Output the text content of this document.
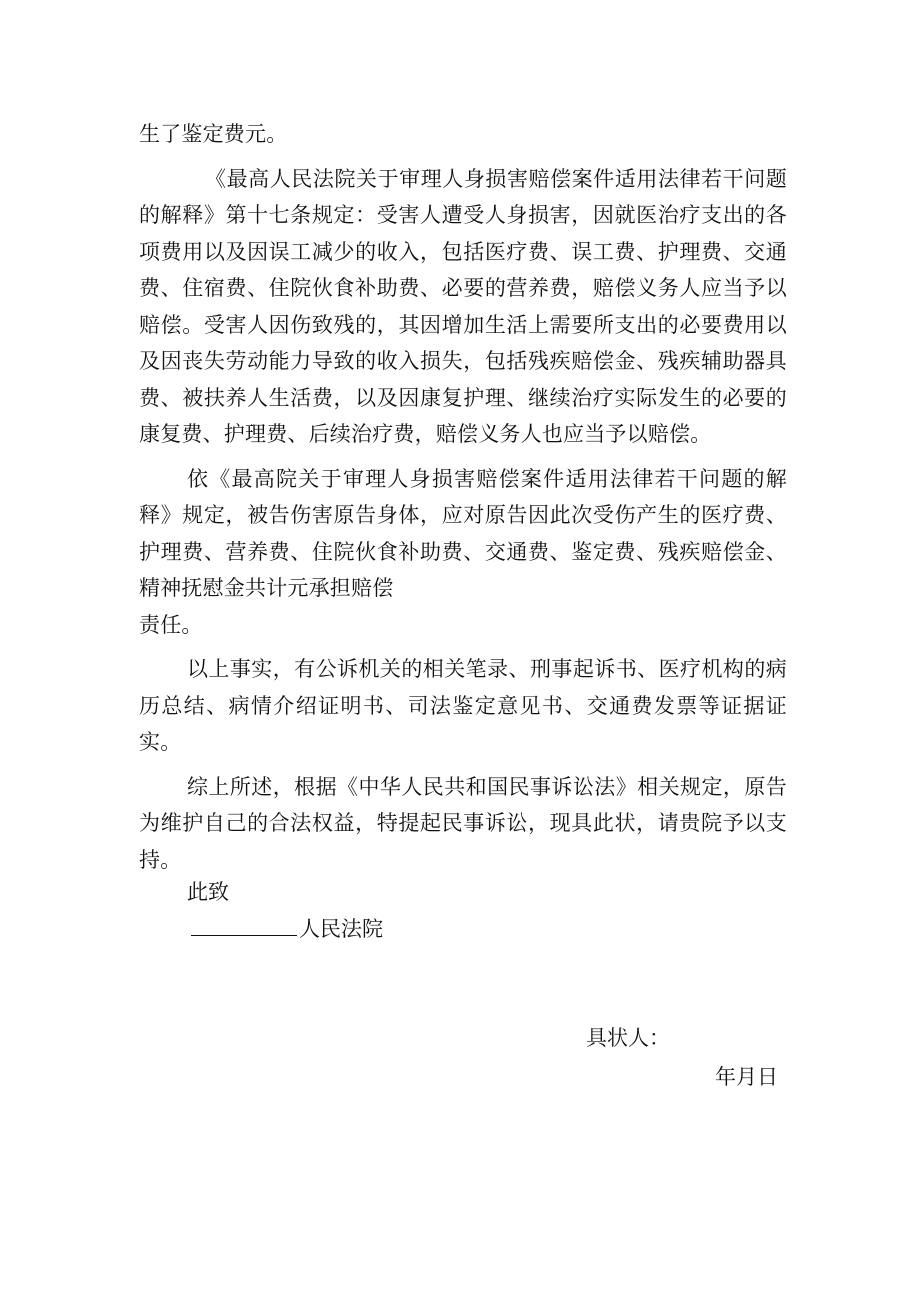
生了鉴定费元。

《最高人民法院关于审理人身损害赔偿案件适用法律若干问题的解释》第十七条规定：受害人遭受人身损害，因就医治疗支出的各项费用以及因误工减少的收入，包括医疗费、误工费、护理费、交通费、住宿费、住院伙食补助费、必要的营养费，赔偿义务人应当予以赔偿。受害人因伤致残的，其因增加生活上需要所支出的必要费用以及因丧失劳动能力导致的收入损失，包括残疾赔偿金、残疾辅助器具费、被扶养人生活费，以及因康复护理、继续治疗实际发生的必要的康复费、护理费、后续治疗费，赔偿义务人也应当予以赔偿。

依《最高院关于审理人身损害赔偿案件适用法律若干问题的解释》规定，被告伤害原告身体，应对原告因此次受伤产生的医疗费、护理费、营养费、住院伙食补助费、交通费、鉴定费、残疾赔偿金、精神抚慰金共计元承担赔偿

责任。

以上事实，有公诉机关的相关笔录、刑事起诉书、医疗机构的病历总结、病情介绍证明书、司法鉴定意见书、交通费发票等证据证实。

综上所述，根据《中华人民共和国民事诉讼法》相关规定，原告为维护自己的合法权益，特提起民事诉讼，现具此状，请贵院予以支持。

此致
人民法院
具状人：
年月日
